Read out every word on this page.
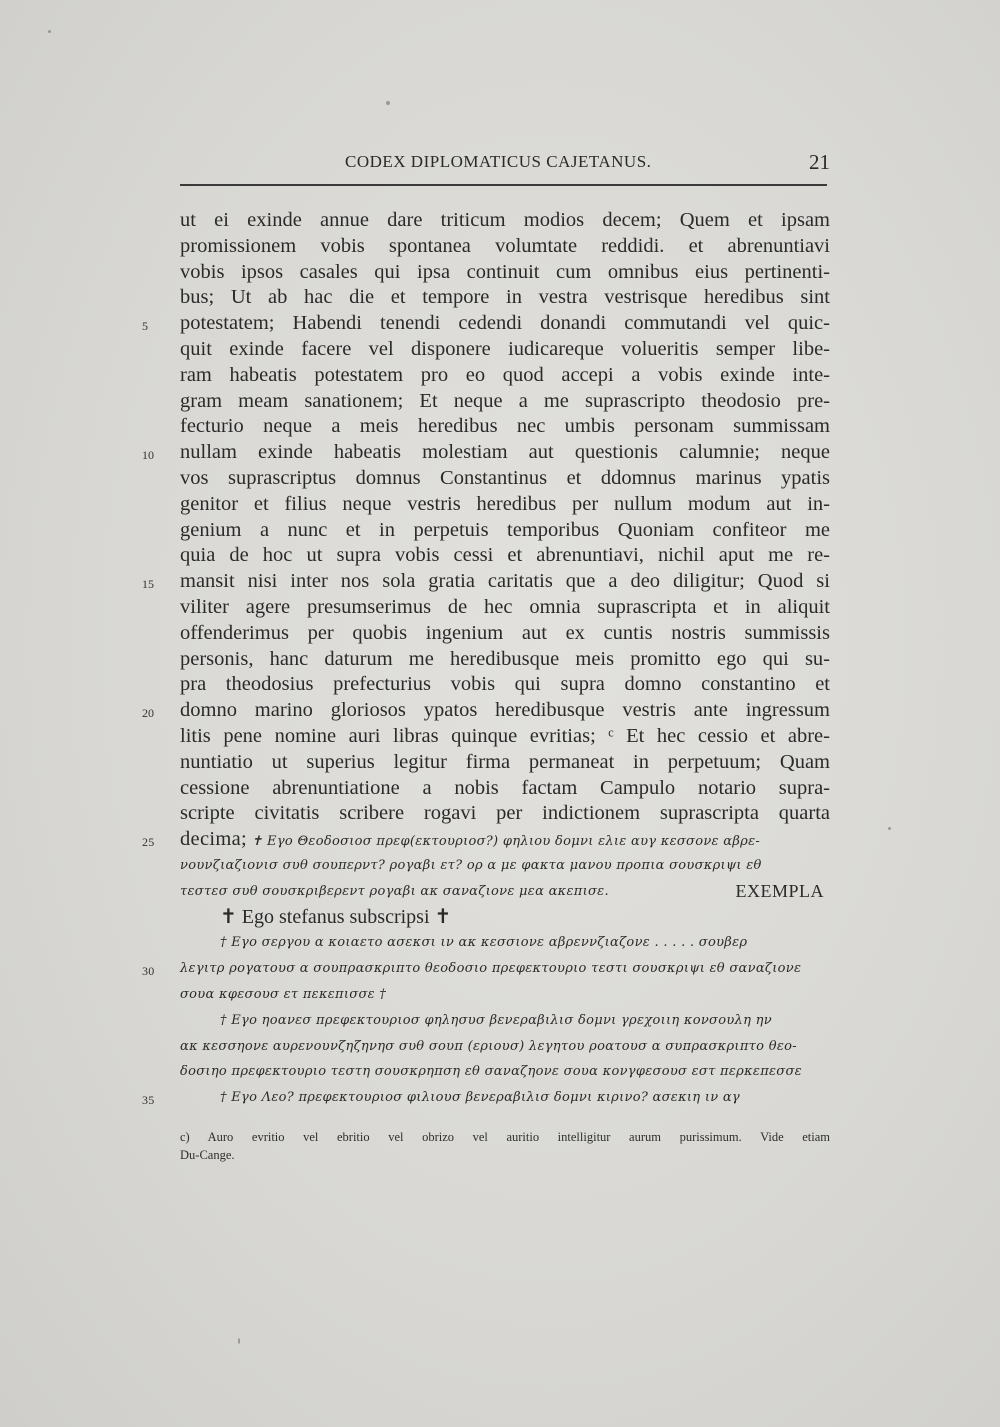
CODEX DIPLOMATICUS CAJETANUS.	21
ut ei exinde annue dare triticum modios decem; Quem et ipsam
promissionem vobis spontanea volumtate reddidi. et abrenuntiavi
vobis ipsos casales qui ipsa continuit cum omnibus eius pertinenti-
bus; Ut ab hac die et tempore in vestra vestrisque heredibus sint
5 potestatem; Habendi tenendi cedendi donandi commutandi vel quic-
quit exinde facere vel disponere iudicareque volueritis semper libe-
ram habeatis potestatem pro eo quod accepi a vobis exinde inte-
gram meam sanationem; Et neque a me suprascripto theodosio pre-
fecturio neque a meis heredibus nec umbis personam summissam
10 nullam exinde habeatis molestiam aut questionis calumnie; neque
vos suprascriptus domnus Constantinus et ddomnus marinus ypatis
genitor et filius neque vestris heredibus per nullum modum aut in-
genium a nunc et in perpetuis temporibus Quoniam confiteor me
quia de hoc ut supra vobis cessi et abrenuntiavi, nichil aput me re-
15 mansit nisi inter nos sola gratia caritatis que a deo diligitur; Quod si
viliter agere presumserimus de hec omnia suprascripta et in aliquit
offenderimus per quobis ingenium aut ex cuntis nostris summissis
personis, hanc daturum me heredibusque meis promitto ego qui su-
pra theodosius prefecturius vobis qui supra domno constantino et
20 domno marino gloriosos ypatos heredibusque vestris ante ingressum
litis pene nomine auri libras quinque evritias; ᶜ Et hec cessio et abre-
nuntiatio ut superius legitur firma permaneat in perpetuum; Quam
cessione abrenuntiatione a nobis factam Campulo notario supra-
scripte civitatis scribere rogavi per indictionem suprascripta quarta
25 decima; ✝ Εγο Θεοδοσιοσ πρεφ(εκτουριοσ?) φηλιου δομνι ελιε αυγ κεσσονε αβρε-
νουνζιαζιονισ συθ σουπερντ? ρογαβι ετ? ορ α με φακτα μανου προπια σουσκριψι εθ
τεστεσ συθ σουσκριβερεντ ρογαβι ακ σαναζιονε μεα ακεπισε.	EXEMPLA
✝ Ego stefanus subscripsi ✝
† Εγο σεργου α κοιαετο ασεκσι ιν ακ κεσσιονε αβρεννζιαζονε . . . . . σουβερ
30 λεγιτρ ρογατουσ α σουπρασκριπτο θεοδοσιο πρεφεκτουριο τεστι σουσκριψι εθ σαναζιονε
σουα κφεσουσ ετ πεκεπισσε †
† Εγο ηοανεσ πρεφεκτουριοσ φηλησυσ βενεραβιλισ δομνι γρεχοιιη κονσουλη ην
ακ κεσσηονε αυρενουνζηζηνησ συθ σουπ (εριουσ) λεγητου ροατουσ α συπρασκριπτο θεο-
δοσιηο πρεφεκτουριο τεστη σουσκρηπση εθ σαναζηονε σουα κονγφεσουσ εστ περκεπεσσε
35	† Εγο Λεο? πρεφεκτουριοσ φιλιουσ βενεραβιλισ δομνι κιρινο? ασεκιη ιν αγ
c) Auro evritio vel ebritio vel obrizo vel auritio intelligitur aurum purissimum. Vide etiam
Du-Cange.
